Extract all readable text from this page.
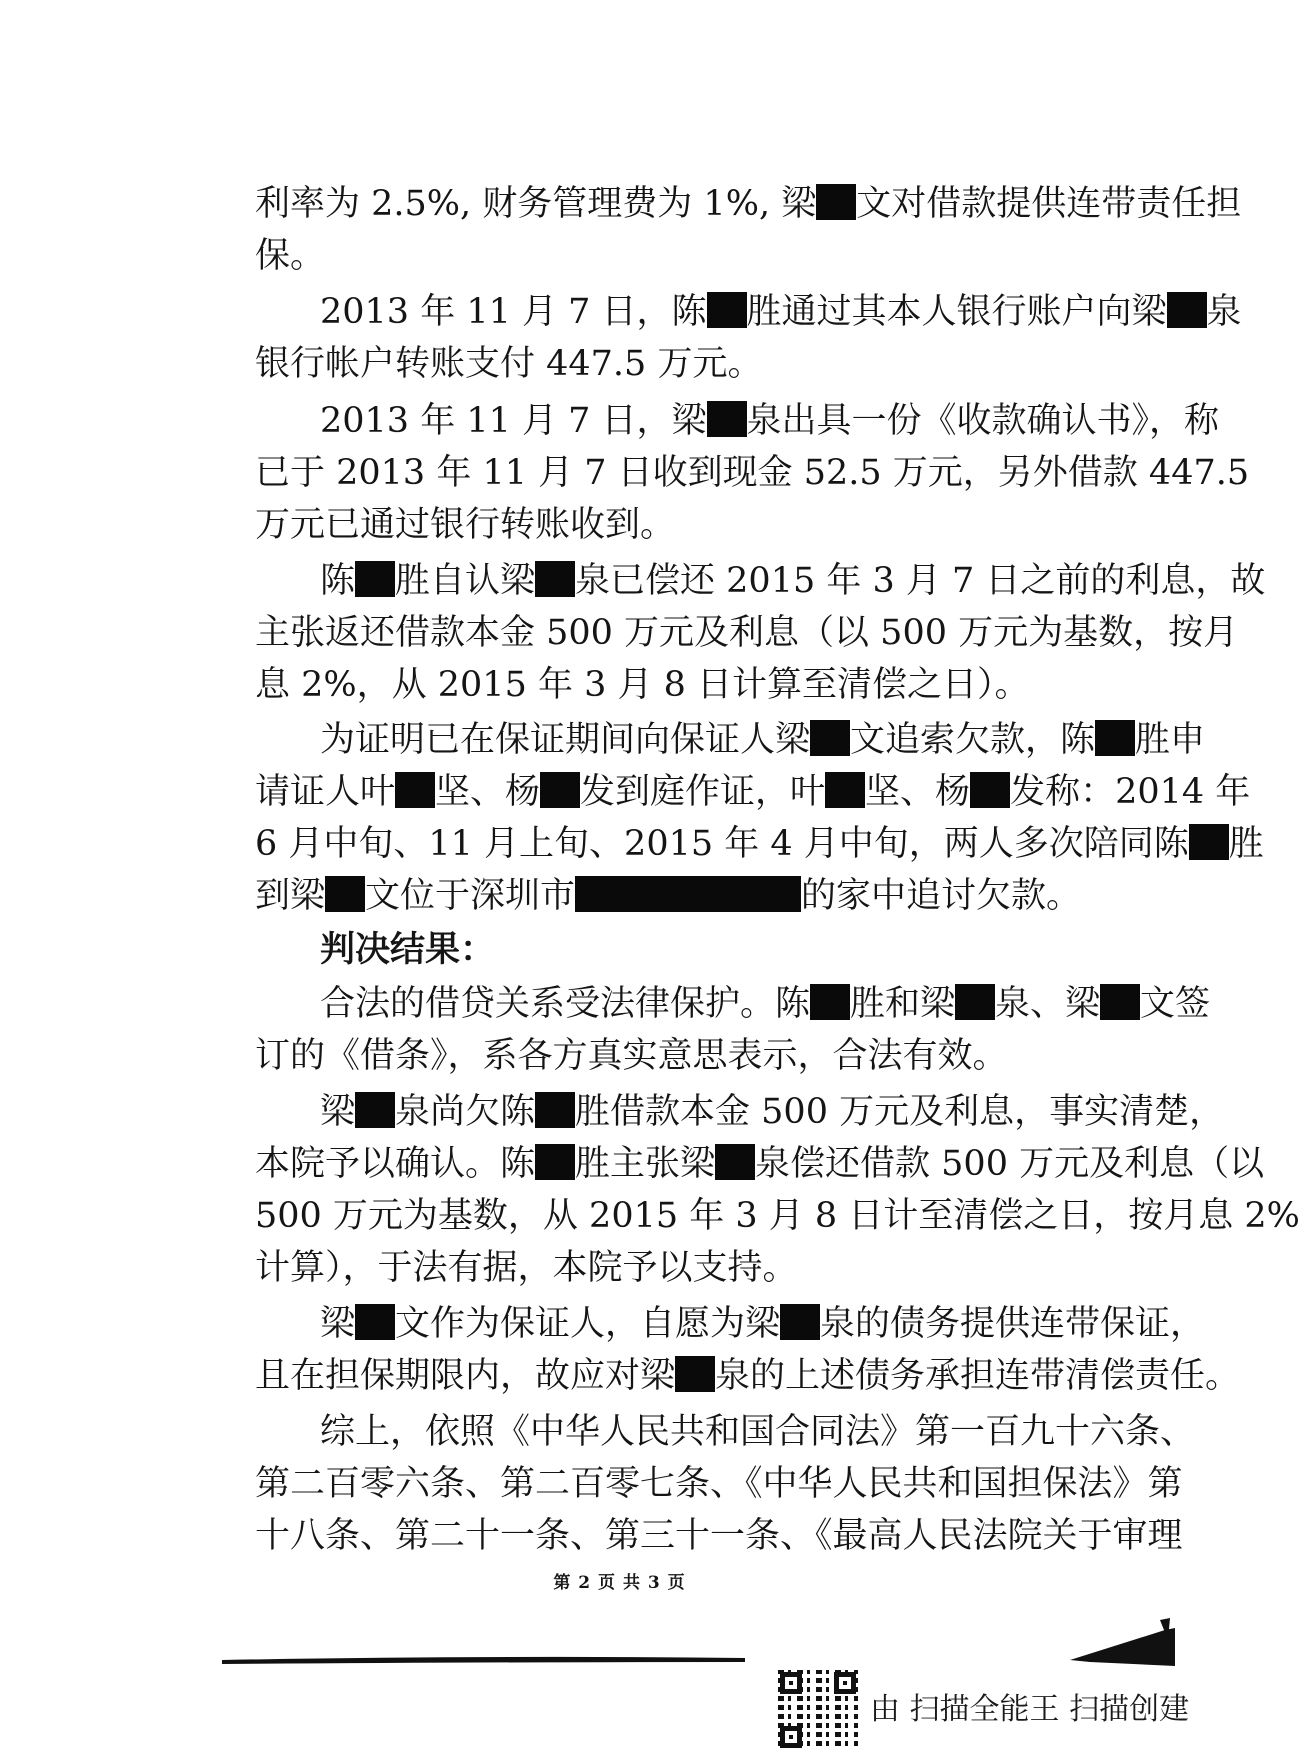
利率为 2.5%, 财务管理费为 1%, 梁 文对借款提供连带责任担
保。
2013 年 11 月 7 日，陈 胜通过其本人银行账户向梁 泉
银行帐户转账支付 447.5 万元。
2013 年 11 月 7 日，梁 泉出具一份《收款确认书》，称
已于 2013 年 11 月 7 日收到现金 52.5 万元，另外借款 447.5
万元已通过银行转账收到。
陈 胜自认梁 泉已偿还 2015 年 3 月 7 日之前的利息，故
主张返还借款本金 500 万元及利息（以 500 万元为基数，按月
息 2%，从 2015 年 3 月 8 日计算至清偿之日）。
为证明已在保证期间向保证人梁 文追索欠款，陈 胜申
请证人叶 坚、杨 发到庭作证，叶 坚、杨 发称：2014 年
6 月中旬、11 月上旬、2015 年 4 月中旬，两人多次陪同陈 胜
到梁 文位于深圳市	的家中追讨欠款。
判决结果：
合法的借贷关系受法律保护。陈 胜和梁 泉、梁 文签
订的《借条》，系各方真实意思表示，合法有效。
梁 泉尚欠陈 胜借款本金 500 万元及利息，事实清楚，
本院予以确认。陈 胜主张梁 泉偿还借款 500 万元及利息（以
500 万元为基数，从 2015 年 3 月 8 日计至清偿之日，按月息 2%
计算），于法有据，本院予以支持。
梁 文作为保证人，自愿为梁 泉的债务提供连带保证，
且在担保期限内，故应对梁 泉的上述债务承担连带清偿责任。
综上，依照《中华人民共和国合同法》第一百九十六条、
第二百零六条、第二百零七条、《中华人民共和国担保法》第
十八条、第二十一条、第三十一条、《最高人民法院关于审理
第 2 页 共 3 页
由 扫描全能王 扫描创建
